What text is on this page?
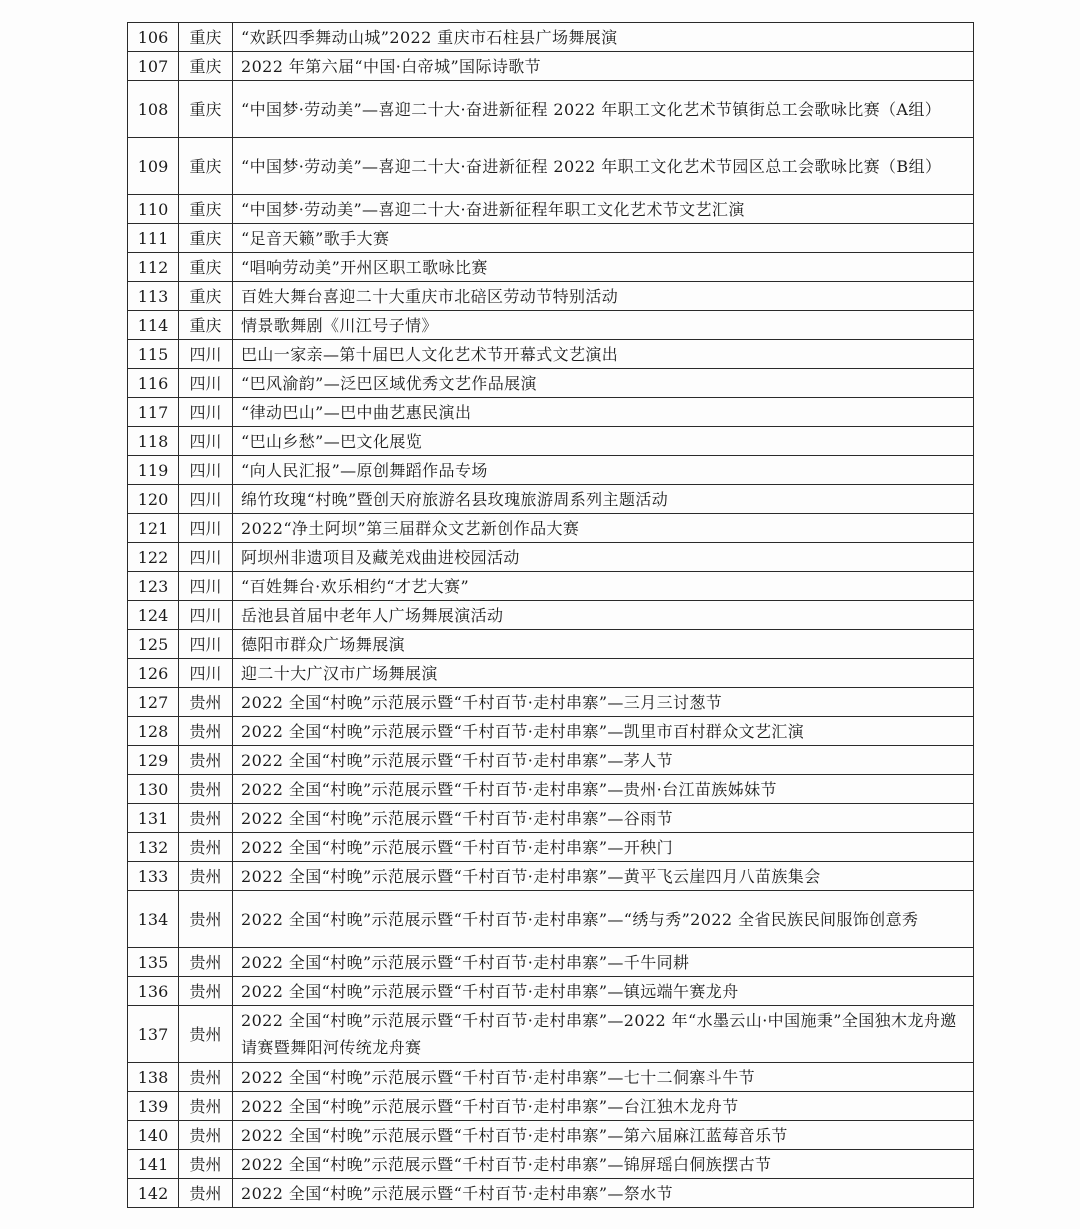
106	重庆	“欢跃四季舞动山城”2022 重庆市石柱县广场舞展演
107	重庆	2022 年第六届“中国·白帝城”国际诗歌节
108	重庆	“中国梦·劳动美”—喜迎二十大·奋进新征程 2022 年职工文化艺术节镇街总工会歌咏比赛（A组）
109	重庆	“中国梦·劳动美”—喜迎二十大·奋进新征程 2022 年职工文化艺术节园区总工会歌咏比赛（B组）
110	重庆	“中国梦·劳动美”—喜迎二十大·奋进新征程年职工文化艺术节文艺汇演
111	重庆	“足音天籁”歌手大赛
112	重庆	“唱响劳动美”开州区职工歌咏比赛
113	重庆	百姓大舞台喜迎二十大重庆市北碚区劳动节特别活动
114	重庆	情景歌舞剧《川江号子情》
115	四川	巴山一家亲—第十届巴人文化艺术节开幕式文艺演出
116	四川	“巴风渝韵”—泛巴区域优秀文艺作品展演
117	四川	“律动巴山”—巴中曲艺惠民演出
118	四川	“巴山乡愁”—巴文化展览
119	四川	“向人民汇报”—原创舞蹈作品专场
120	四川	绵竹玫瑰“村晚”暨创天府旅游名县玫瑰旅游周系列主题活动
121	四川	2022“净土阿坝”第三届群众文艺新创作品大赛
122	四川	阿坝州非遗项目及藏羌戏曲进校园活动
123	四川	“百姓舞台·欢乐相约“才艺大赛”
124	四川	岳池县首届中老年人广场舞展演活动
125	四川	德阳市群众广场舞展演
126	四川	迎二十大广汉市广场舞展演
127	贵州	2022 全国“村晚”示范展示暨“千村百节·走村串寨”—三月三讨葱节
128	贵州	2022 全国“村晚”示范展示暨“千村百节·走村串寨”—凯里市百村群众文艺汇演
129	贵州	2022 全国“村晚”示范展示暨“千村百节·走村串寨”—茅人节
130	贵州	2022 全国“村晚”示范展示暨“千村百节·走村串寨”—贵州·台江苗族姊妹节
131	贵州	2022 全国“村晚”示范展示暨“千村百节·走村串寨”—谷雨节
132	贵州	2022 全国“村晚”示范展示暨“千村百节·走村串寨”—开秧门
133	贵州	2022 全国“村晚”示范展示暨“千村百节·走村串寨”—黄平飞云崖四月八苗族集会
134	贵州	2022 全国“村晚”示范展示暨“千村百节·走村串寨”—“绣与秀”2022 全省民族民间服饰创意秀
135	贵州	2022 全国“村晚”示范展示暨“千村百节·走村串寨”—千牛同耕
136	贵州	2022 全国“村晚”示范展示暨“千村百节·走村串寨”—镇远端午赛龙舟
137	贵州	2022 全国“村晚”示范展示暨“千村百节·走村串寨”—2022 年“水墨云山·中国施秉”全国独木龙舟邀请赛暨舞阳河传统龙舟赛
138	贵州	2022 全国“村晚”示范展示暨“千村百节·走村串寨”—七十二侗寨斗牛节
139	贵州	2022 全国“村晚”示范展示暨“千村百节·走村串寨”—台江独木龙舟节
140	贵州	2022 全国“村晚”示范展示暨“千村百节·走村串寨”—第六届麻江蓝莓音乐节
141	贵州	2022 全国“村晚”示范展示暨“千村百节·走村串寨”—锦屏瑶白侗族摆古节
142	贵州	2022 全国“村晚”示范展示暨“千村百节·走村串寨”—祭水节
